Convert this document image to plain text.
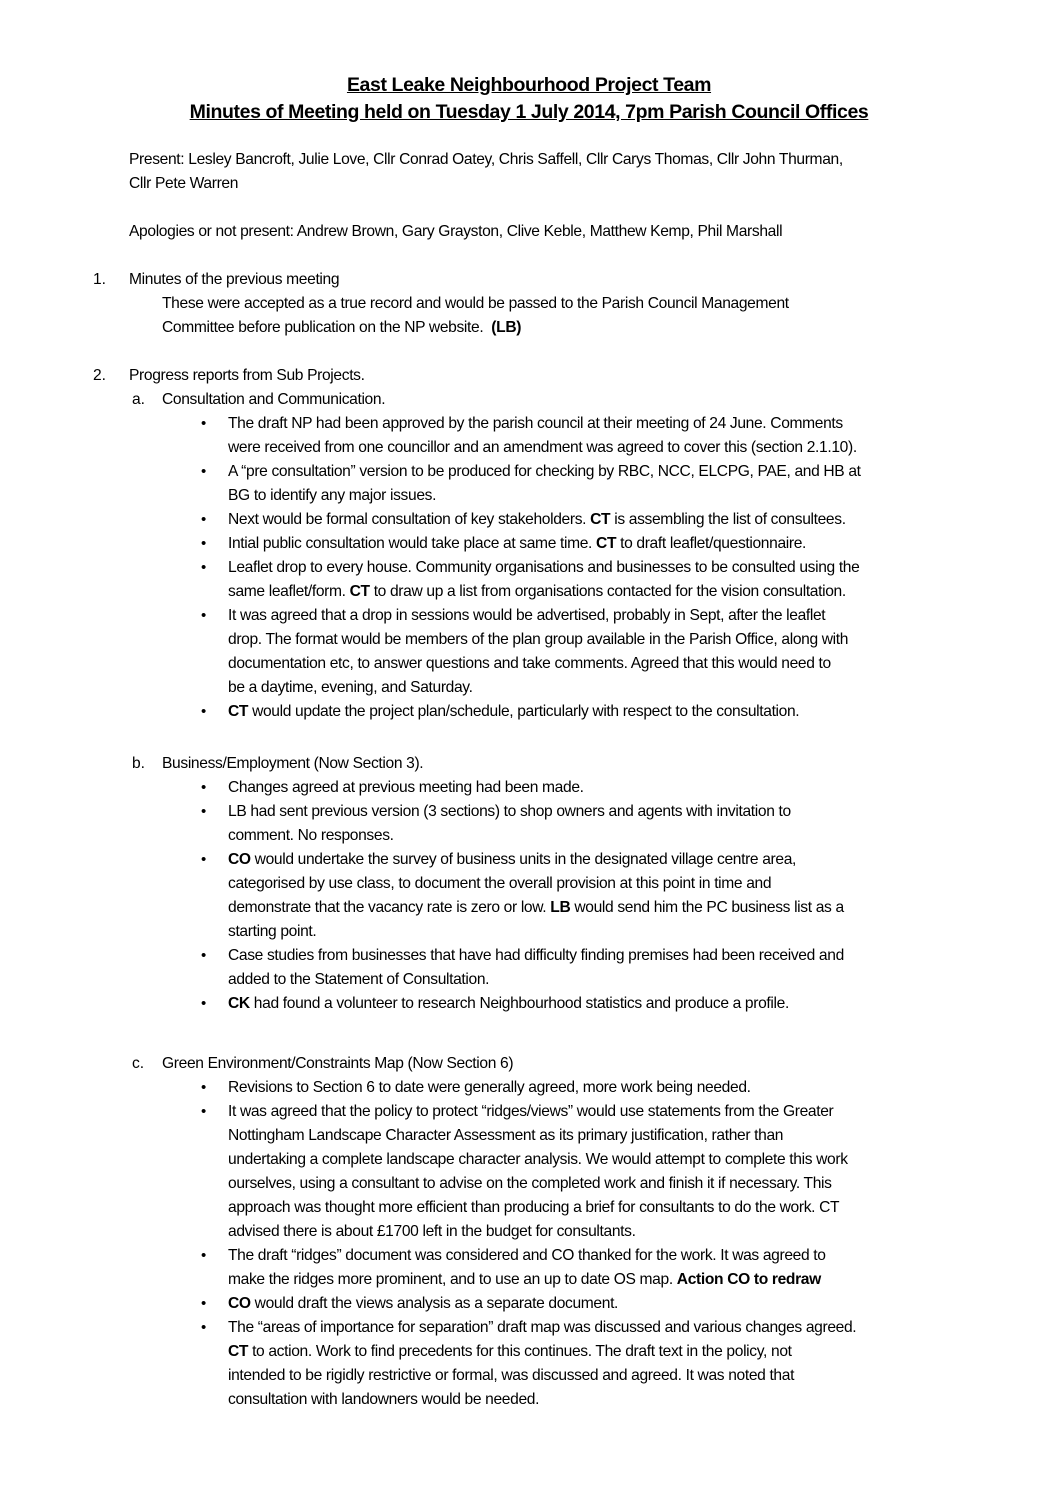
East Leake Neighbourhood Project Team
Minutes of Meeting held on Tuesday 1 July 2014, 7pm Parish Council Offices
Present: Lesley Bancroft, Julie Love, Cllr Conrad Oatey, Chris Saffell, Cllr Carys Thomas, Cllr John Thurman,
Cllr Pete Warren
Apologies or not present: Andrew Brown, Gary Grayston, Clive Keble, Matthew Kemp, Phil Marshall
1. Minutes of the previous meeting
These were accepted as a true record and would be passed to the Parish Council Management
Committee before publication on the NP website. (LB)
2. Progress reports from Sub Projects.
a. Consultation and Communication.
• The draft NP had been approved by the parish council at their meeting of 24 June. Comments
were received from one councillor and an amendment was agreed to cover this (section 2.1.10).
• A “pre consultation” version to be produced for checking by RBC, NCC, ELCPG, PAE, and HB at
BG to identify any major issues.
• Next would be formal consultation of key stakeholders. CT is assembling the list of consultees.
• Intial public consultation would take place at same time. CT to draft leaflet/questionnaire.
• Leaflet drop to every house. Community organisations and businesses to be consulted using the
same leaflet/form. CT to draw up a list from organisations contacted for the vision consultation.
• It was agreed that a drop in sessions would be advertised, probably in Sept, after the leaflet
drop. The format would be members of the plan group available in the Parish Office, along with
documentation etc, to answer questions and take comments. Agreed that this would need to
be a daytime, evening, and Saturday.
• CT would update the project plan/schedule, particularly with respect to the consultation.
b. Business/Employment (Now Section 3).
• Changes agreed at previous meeting had been made.
• LB had sent previous version (3 sections) to shop owners and agents with invitation to
comment. No responses.
• CO would undertake the survey of business units in the designated village centre area,
categorised by use class, to document the overall provision at this point in time and
demonstrate that the vacancy rate is zero or low. LB would send him the PC business list as a
starting point.
• Case studies from businesses that have had difficulty finding premises had been received and
added to the Statement of Consultation.
• CK had found a volunteer to research Neighbourhood statistics and produce a profile.
c. Green Environment/Constraints Map (Now Section 6)
• Revisions to Section 6 to date were generally agreed, more work being needed.
• It was agreed that the policy to protect “ridges/views” would use statements from the Greater
Nottingham Landscape Character Assessment as its primary justification, rather than
undertaking a complete landscape character analysis. We would attempt to complete this work
ourselves, using a consultant to advise on the completed work and finish it if necessary. This
approach was thought more efficient than producing a brief for consultants to do the work. CT
advised there is about £1700 left in the budget for consultants.
• The draft “ridges” document was considered and CO thanked for the work. It was agreed to
make the ridges more prominent, and to use an up to date OS map. Action CO to redraw
• CO would draft the views analysis as a separate document.
• The “areas of importance for separation” draft map was discussed and various changes agreed.
CT to action. Work to find precedents for this continues. The draft text in the policy, not
intended to be rigidly restrictive or formal, was discussed and agreed. It was noted that
consultation with landowners would be needed.
